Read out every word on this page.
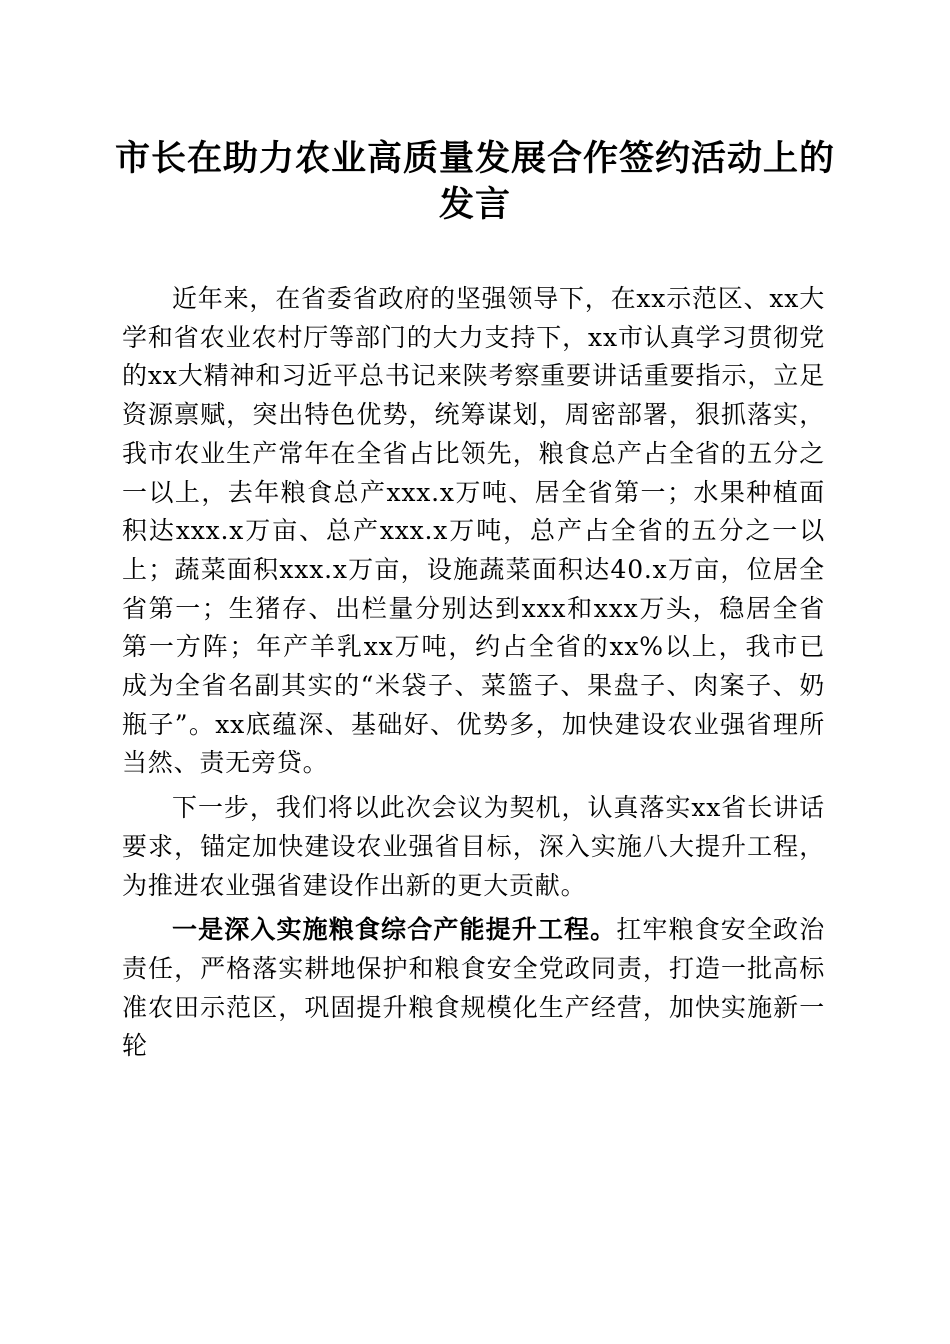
市长在助力农业高质量发展合作签约活动上的
发言

近年来，在省委省政府的坚强领导下，在xx示范区、xx大学和省农业农村厅等部门的大力支持下，xx市认真学习贯彻党的xx大精神和习近平总书记来陕考察重要讲话重要指示，立足资源禀赋，突出特色优势，统筹谋划，周密部署，狠抓落实，我市农业生产常年在全省占比领先，粮食总产占全省的五分之一以上，去年粮食总产xxx.x万吨、居全省第一；水果种植面积达xxx.x万亩、总产xxx.x万吨，总产占全省的五分之一以上；蔬菜面积xxx.x万亩，设施蔬菜面积达40.x万亩，位居全省第一；生猪存、出栏量分别达到xxx和xxx万头，稳居全省第一方阵；年产羊乳xx万吨，约占全省的xx%以上，我市已成为全省名副其实的“米袋子、菜篮子、果盘子、肉案子、奶瓶子”。xx底蕴深、基础好、优势多，加快建设农业强省理所当然、责无旁贷。

下一步，我们将以此次会议为契机，认真落实xx省长讲话要求，锚定加快建设农业强省目标，深入实施八大提升工程，为推进农业强省建设作出新的更大贡献。

一是深入实施粮食综合产能提升工程。扛牢粮食安全政治责任，严格落实耕地保护和粮食安全党政同责，打造一批高标准农田示范区，巩固提升粮食规模化生产经营，加快实施新一轮
